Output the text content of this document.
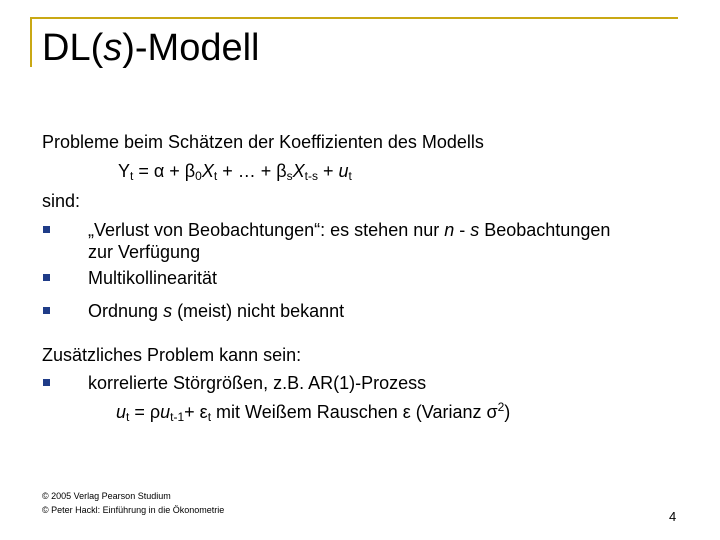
DL(s)-Modell
Probleme beim Schätzen der Koeffizienten des Modells
$Y_t = \alpha + \beta_0X_t$ + … + $\beta_sX_{t-s} + u_t$
sind:
„Verlust von Beobachtungen“: es stehen nur n - s Beobachtungen
zur Verfügung
Multikollinearität
Ordnung s (meist) nicht bekannt
Zusätzliches Problem kann sein:
korrelierte Störgrößen, z.B. AR(1)-Prozess
$u_t = \rho u_{t-1}+ \varepsilon_t$ mit Weißem Rauschen ε (Varianz $\sigma^2$)
© 2005 Verlag Pearson Studium
© Peter Hackl: Einführung in die Ökonometrie	4
